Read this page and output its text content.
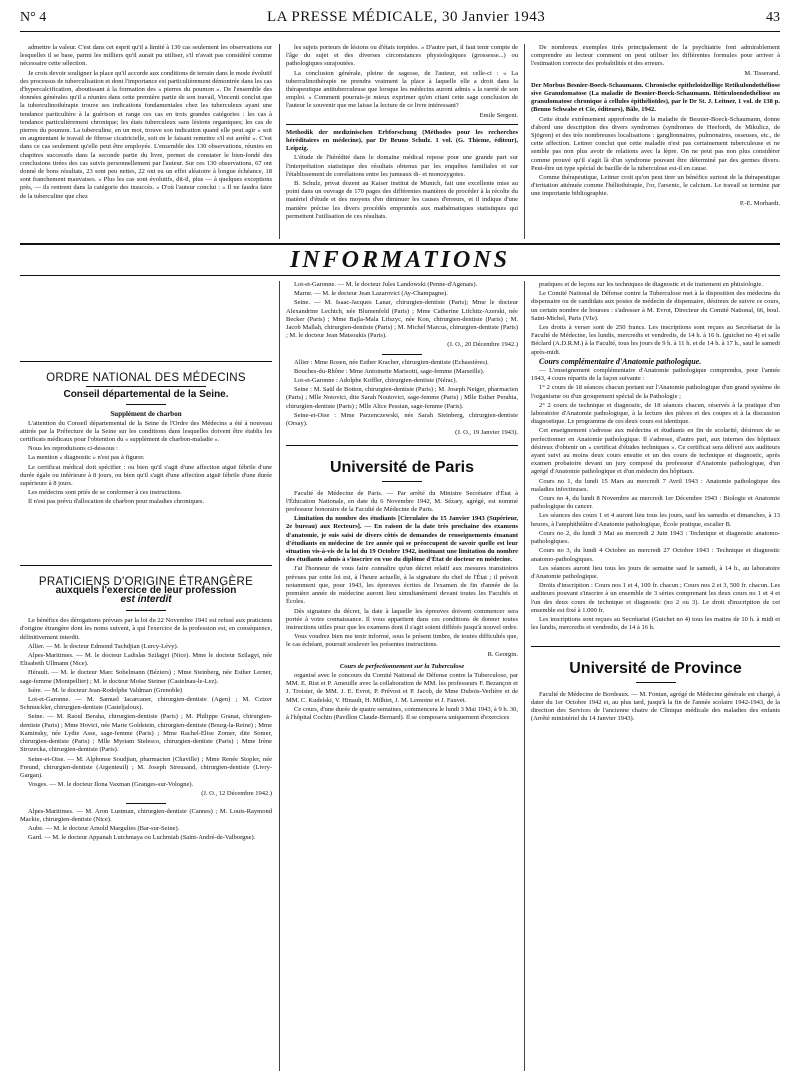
N° 4	LA PRESSE MÉDICALE, 30 Janvier 1943	43

admettre la valeur. C'est dans cet esprit qu'il a limité à 130 cas seulement les observations sur lesquelles il se base, parmi les milliers qu'il aurait pu utiliser, s'il n'avait pas considéré comme nécessaire cette sélection.

Je crois devoir souligner la place qu'il accorde aux conditions de terrain dans le mode évolutif des processus de tuberculisation et dont l'importance est particulièrement démontrée dans les cas d'hypercalcification, aboutissant à la formation des « pierres du poumon ». De l'ensemble des données générales qu'il a réunies dans cette première partie de son travail, Vincenti conclut que la tuberculinothérapie trouve ses indications fondamentales chez les tuberculeux ayant une tendance particulière à la guérison et range ces cas en trois grandes catégories : les cas à tendance particulièrement chronique; les états tuberculeux sans lésions organiques; les cas de pierres du poumon. La tuberculine, en un mot, trouve son indication quand elle peut agir « soit en augmentant le travail de fibrose cicatricielle, soit en le faisant remettre s'il est arrêté ». C'est dans ce cas seulement qu'elle peut être employée. L'ensemble des 130 observations, réunies en chapitres successifs dans la seconde partie du livre, permet de constater le bien-fondé des conclusions tirées des cas suivis personnellement par l'auteur. Sur ces 130 observations, 67 ont donné de bons résultats, 23 sont peu nettes, 22 ont eu un effet aléatoire à longue échéance, 18 sont franchement mauvaises. « Plus les cas sont évolutifs, dit-il, plus — à quelques exceptions près, — ils rentrent dans la catégorie des insuccès. » D'où l'auteur conclut : « Il ne faudra faire de la tuberculine que chez

les sujets porteurs de lésions ou d'états torpides. » D'autre part, il faut tenir compte de l'âge du sujet et des diverses circonstances physiologiques (grossesse...) ou pathologiques surajoutées.

La conclusion générale, pleine de sagesse, de l'auteur, est celle-ci : « La tuberculinothérapie ne prendra vraiment la place à laquelle elle a droit dans la thérapeutique antituberculeuse que lorsque les médecins auront admis « la rareté de son emploi. » Comment pourrais-je mieux exprimer qu'en citant cette sage conclusion de l'auteur le souvenir que me laisse la lecture de ce livre intéressant?

Emile Sergent.

Methodik der medizinischen Erbforschung (Méthodes pour les recherches héréditaires en médecine), par Dr Bruno Schulz. 1 vol. (G. Thieme, éditeur), Leipzig.

L'étude de l'hérédité dans le domaine médical repose pour une grande part sur l'interprétation statistique des résultats obtenus par les enquêtes familiales et sur l'établissement de corrélations entre les jumeaux di- et monozygotes.

B. Schulz, privat dozent au Kaiser institut de Munich, fait une excellente mise au point dans un ouvrage de 170 pages des différentes manières de procéder à la récolte du matériel d'étude et des moyens d'en diminuer les causes d'erreurs, et il indique d'une manière précise les divers procédés empruntés aux mathématiques statistiques qui permettent l'utilisation de ces résultats.

De nombreux exemples tirés principalement de la psychiatrie font admirablement comprendre au lecteur comment on peut utiliser les différentes formules pour arriver à l'estimation correcte des probabilités et des erreurs.

M. Tisserand.

Der Morbus Besnier-Boeck-Schaumann. Chronische epitheloidzellige Retikulondothéliose sive Granulomatose (La maladie de Besnier-Boeck-Schaumann. Réticuloendothéliose ou granulomatose chronique à cellules épithélioïdes), par le Dr St. J. Leitner, 1 vol. de 138 p. (Benno Schwabe et Cie, éditeurs), Bâle, 1942.

Cette étude extrêmement approfondie de la maladie de Besnier-Boeck-Schaumann, donne d'abord une description des divers syndromes (syndromes de Heefordt, de Mikulicz, de Sjögren) et des très nombreuses localisations : ganglionnaires, pulmonaires, osseuses, etc., de cette affection. Leitner conclut que cette maladie n'est pas certainement tuberculeuse et ne semble pas non plus avoir de relations avec la lèpre. On ne peut pas non plus considérer comme prouvé qu'il s'agit là d'un syndrome pouvant être déterminé par des germes divers. Peut-être un type spécial de bacille de la tuberculose est-il en cause.

Comme thérapeutique, Leitner croit qu'on peut tirer un bénéfice surtout de la thérapeutique d'irritation atténuée comme l'héliothérapie, l'or, l'arsenic, le calcium. Le travail se termine par une importante bibliographie.

P.-E. Morhardt.
INFORMATIONS

ORDRE NATIONAL DES MÉDECINS

Conseil départemental de la Seine.

Supplément de charbon

L'attention du Conseil départemental de la Seine de l'Ordre des Médecins a été à nouveau attirée par la Préfecture de la Seine sur les conditions dans lesquelles doivent être établis les certificats médicaux pour l'obtention du « supplément de charbon-maladie ».

Nous les reproduisons ci-dessous :

La mention « diagnostic » n'est pas à figurer.

Le certificat médical doit spécifier : ou bien qu'il s'agit d'une affection aiguë fébrile d'une durée égale ou inférieure à 8 jours, ou bien qu'il s'agit d'une affection aiguë fébrile d'une durée supérieure à 8 jours.

Les médecins sont priés de se conformer à ces instructions.

Il n'est pas prévu d'allocation de charbon pour maladies chroniques.

PRATICIENS D'ORIGINE ÉTRANGÈRE

auxquels l'exercice de leur profession

est interdit

Le bénéfice des dérogations prévues par la loi du 22 Novembre 1941 est refusé aux praticiens d'origine étrangère dont les noms suivent, à qui l'exercice de la profession est, en conséquence, définitivement interdit.

Allier. — M. le docteur Edmond Tachdjian (Lurcy-Lévy).

Alpes-Maritimes. — M. le docteur Ladislas Szilagyi (Nice). Mme le docteur Szilagyi, née Elisabeth Ullmann (Nice).

Hérault. — M. le docteur Marc Sobelmann (Béziers) ; Mme Steinberg, née Esther Lerner, sage-femme (Montpellier) ; M. le docteur Moïse Steiner (Castelnau-le-Lez).

Isère. — M. le docteur Jean-Rodolphe Valdman (Grenoble)

Lot-et-Garonne. — M. Samuel Iacarcaner, chirurgien-dentiste (Agen) ; M. Czizer Schmuckler, chirurgien-dentiste (Casteljaloux).

Seine. — M. Raoul Beraha, chirurgien-dentiste (Paris) ; M. Philippe Granat, chirurgien-dentiste (Paris) ; Mme Hovici, née Marie Goldstein, chirurgien-dentiste (Bourg-la-Reine) ; Mme Kaminsky, née Lydie Asse, sage-femme (Paris) ; Mme Rachel-Elise Zomer, dite Somer, chirurgien-dentiste (Paris) ; Mlle Myriam Stelesco, chirurgien-dentiste (Paris) ; Mme Irène Strozecka, chirurgien-dentiste (Paris).

Seine-et-Oise. — M. Alphonse Soudjian, pharmacien (Chaville) ; Mme Renée Stopler, née Freund, chirurgien-dentiste (Argenteuil) ; M. Joseph Streusand, chirurgien-dentiste (Livry-Gargan).

Vosges. — M. le docteur Ilona Vaxman (Granges-sur-Vologne).

(J. O., 12 Décembre 1942.)

Alpes-Maritimes. — M. Aron Lustman, chirurgien-dentiste (Cannes) ; M. Louis-Raymond Mackie, chirurgien-dentiste (Nice).

Aube. — M. le docteur Arnold Margulies (Bar-sur-Seine).

Gard. — M. le docteur Appanah Lutchmaya ou Luchmiah (Saint-André-de-Valborgne).

Lot-et-Garonne. — M. le docteur Jules Landowski (Penne-d'Agenais).

Marne. — M. le docteur Jean Lazarovici (Ay-Champagne).

Seine. — M. Isaac-Jacques Lanar, chirurgien-dentiste (Paris); Mme le docteur Alexandrine Lechtch, née Blumenfeld (Paris) ; Mme Catherine Lifchitz-Azerski, née Becker (Paris) ; Mme Bajla-Mala Lifszyc, née Kon, chirurgien-dentiste (Paris) ; M. Jacob Mallah, chirurgien-dentiste (Paris) ; M. Michel Marcus, chirurgien-dentiste (Paris) ; M. le docteur Jean Matsoukis (Paris).

(J. O., 20 Décembre 1942.)

Allier : Mme Rosen, née Esther Kracher, chirurgien-dentiste (Echassières).

Bouches-du-Rhône : Mme Antoinette Marisotti, sage-femme (Marseille).

Lot-et-Garonne : Adolphe Koffler, chirurgien-dentiste (Nérac).

Seine : M. Saül de Botton, chirurgien-dentiste (Paris) ; M. Joseph Neiger, pharmacien (Paris) ; Mlle Notovici, dite Sarah Noutovici, sage-femme (Paris) ; Mlle Esther Perahia, chirurgien-dentiste (Paris) ; Mlle Alice Pessian, sage-femme (Paris).

Seine-et-Oise : Mme Parzenczewski, née Sarah Steinberg, chirurgien-dentiste (Orsay).

(J. O., 19 Janvier 1943).

Université de Paris

Faculté de Médecine de Paris. — Par arrêté du Ministre Secrétaire d'État à l'Éducation Nationale, en date du 6 Novembre 1942, M. Sézary, agrégé, est nommé professeur honoraire de la Faculté de Médecine de Paris.

Limitation du nombre des étudiants [Circulaire du 15 Janvier 1943 (Supérieur, 2e bureau) aux Recteurs]. — En raison de la date très prochaine des examens d'anatomie, je suis saisi de divers côtés de demandes de renseignements émanant d'étudiants en médecine de 1re année qui se préoccupent de savoir quelle est leur situation vis-à-vis de la loi du 19 Octobre 1942, instituant une limitation du nombre des étudiants admis à s'inscrire en vue du diplôme d'État de docteur en médecine.

J'ai l'honneur de vous faire connaître qu'un décret relatif aux mesures transitoires prévues par cette loi est, à l'heure actuelle, à la signature du chef de l'État ; il prévoit notamment que, pour 1943, les épreuves écrites de l'examen de fin d'année de la première année de médecine auront lieu simultanément devant toutes les Facultés et Écoles.

Dès signature du décret, la date à laquelle les épreuves doivent commencer sera portée à votre connaissance. Il vous appartient dans ces conditions de donner toutes instructions utiles pour que les examens dont il s'agit soient différés jusqu'à nouvel ordre.

Vous voudrez bien me tenir informé, sous le présent timbre, de toutes difficultés que, le cas échéant, pourrait soulever les présentes instructions.

R. Georgin.

Cours de perfectionnement sur la Tuberculose

organisé avec le concours du Comité National de Défense contre la Tuberculose, par MM. E. Rist et P. Ameuille avec la collaboration de MM. les professeurs F. Bezançon et J. Troisier, de MM. J. E. Evrot, P. Prévost et P. Jacob, de Mme Dubois-Verlière et de MM. C. Kudelski, V. Hinault, H. Milhiet, J. M. Lemoine et J. Fauvet.

Ce cours, d'une durée de quatre semaines, commencera le lundi 3 Mai 1943, à 9 h. 30, à l'hôpital Cochin (Pavillon Claude-Bernard). Il se composera uniquement d'exercices

pratiques et de leçons sur les techniques de diagnostic et de traitement en phtisiologie.

Le Comité National de Défense contre la Tuberculose met à la disposition des médecins du dispensaire ou de candidats aux postes de médecin de dispensaire, désireux de suivre ce cours, un certain nombre de bourses : s'adresser à M. Evrot, Directeur du Comité National, 66, boul. Saint-Michel, Paris (VIe).

Les droits à verser sont de 250 francs. Les inscriptions sont reçues au Secrétariat de la Faculté de Médecine, les lundis, mercredis et vendredis, de 14 h. à 16 h. (guichet no 4) et salle Béclard (A.D.R.M.) à la Faculté, tous les jours de 9 h. à 11 h. et de 14 h. à 17 h., sauf le samedi après-midi.

Cours complémentaire d'Anatomie pathologique.

— L'enseignement complémentaire d'Anatomie pathologique comprendra, pour l'année 1943, 4 cours répartis de la façon suivante :

1° 2 cours de 18 séances chacun portant sur l'Anatomie pathologique d'un grand système de l'organisme ou d'un groupement spécial de la Pathologie ;

2° 2 cours de technique et diagnostic, de 18 séances chacun, réservés à la pratique d'un laboratoire d'Anatomie pathologique, à la lecture des pièces et des coupes et à la discussion diagnostique. Le programme de ces deux cours est identique.

Cet enseignement s'adresse aux médecins et étudiants en fin de scolarité, désireux de se perfectionner en Anatomie pathologique. Il s'adresse, d'autre part, aux internes des hôpitaux désireux d'obtenir un « certificat d'études techniques ». Ce certificat sera délivré aux auditeurs ayant suivi au moins deux cours ensuite et un des cours de technique et diagnostic, après examen probatoire devant un jury composé du professeur d'Anatomie pathologique, d'un agrégé d'Anatomie pathologique et d'un médecin des hôpitaux.

Cours no 1, du lundi 15 Mars au mercredi 7 Avril 1943 : Anatomie pathologique des maladies infectieuses.

Cours no 4, du lundi 8 Novembre au mercredi 1er Décembre 1943 : Biologie et Anatomie pathologique du cancer.

Les séances des cours 1 et 4 auront lieu tous les jours, sauf les samedis et dimanches, à 13 heures, à l'amphithéâtre d'Anatomie pathologique, École pratique, escalier B.

Cours no 2, du lundi 3 Mai au mercredi 2 Juin 1943 : Technique et diagnostic anatomo-pathologiques.

Cours no 3, du lundi 4 Octobre au mercredi 27 Octobre 1943 : Technique et diagnostic anatomo-pathologiques.

Les séances auront lieu tous les jours de semaine sauf le samedi, à 14 h., au laboratoire d'Anatomie pathologique.

Droits d'inscription : Cours nos 1 et 4, 100 fr. chacun ; Cours nos 2 et 3, 500 fr. chacun. Les auditeurs pouvant s'inscrire à un ensemble de 3 séries comprenant les deux cours no 1 et 4 et l'un des deux cours de technique et diagnostic (no 2 ou 3). Le droit d'inscription de cet ensemble est fixé à 1.000 fr.

Les inscriptions sont reçues au Secrétariat (Guichet no 4) tous les matins de 10 h. à midi et les lundis, mercredis et vendredis, de 14 à 16 h.

Université de Province

Faculté de Médecine de Bordeaux. — M. Fontan, agrégé de Médecine générale est chargé, à dater du 1er Octobre 1942 et, au plus tard, jusqu'à la fin de l'année scolaire 1942-1943, de la direction des Services de l'ancienne chaire de Clinique médicale des maladies des enfants (Arrêté ministériel du 14 Janvier 1943).
